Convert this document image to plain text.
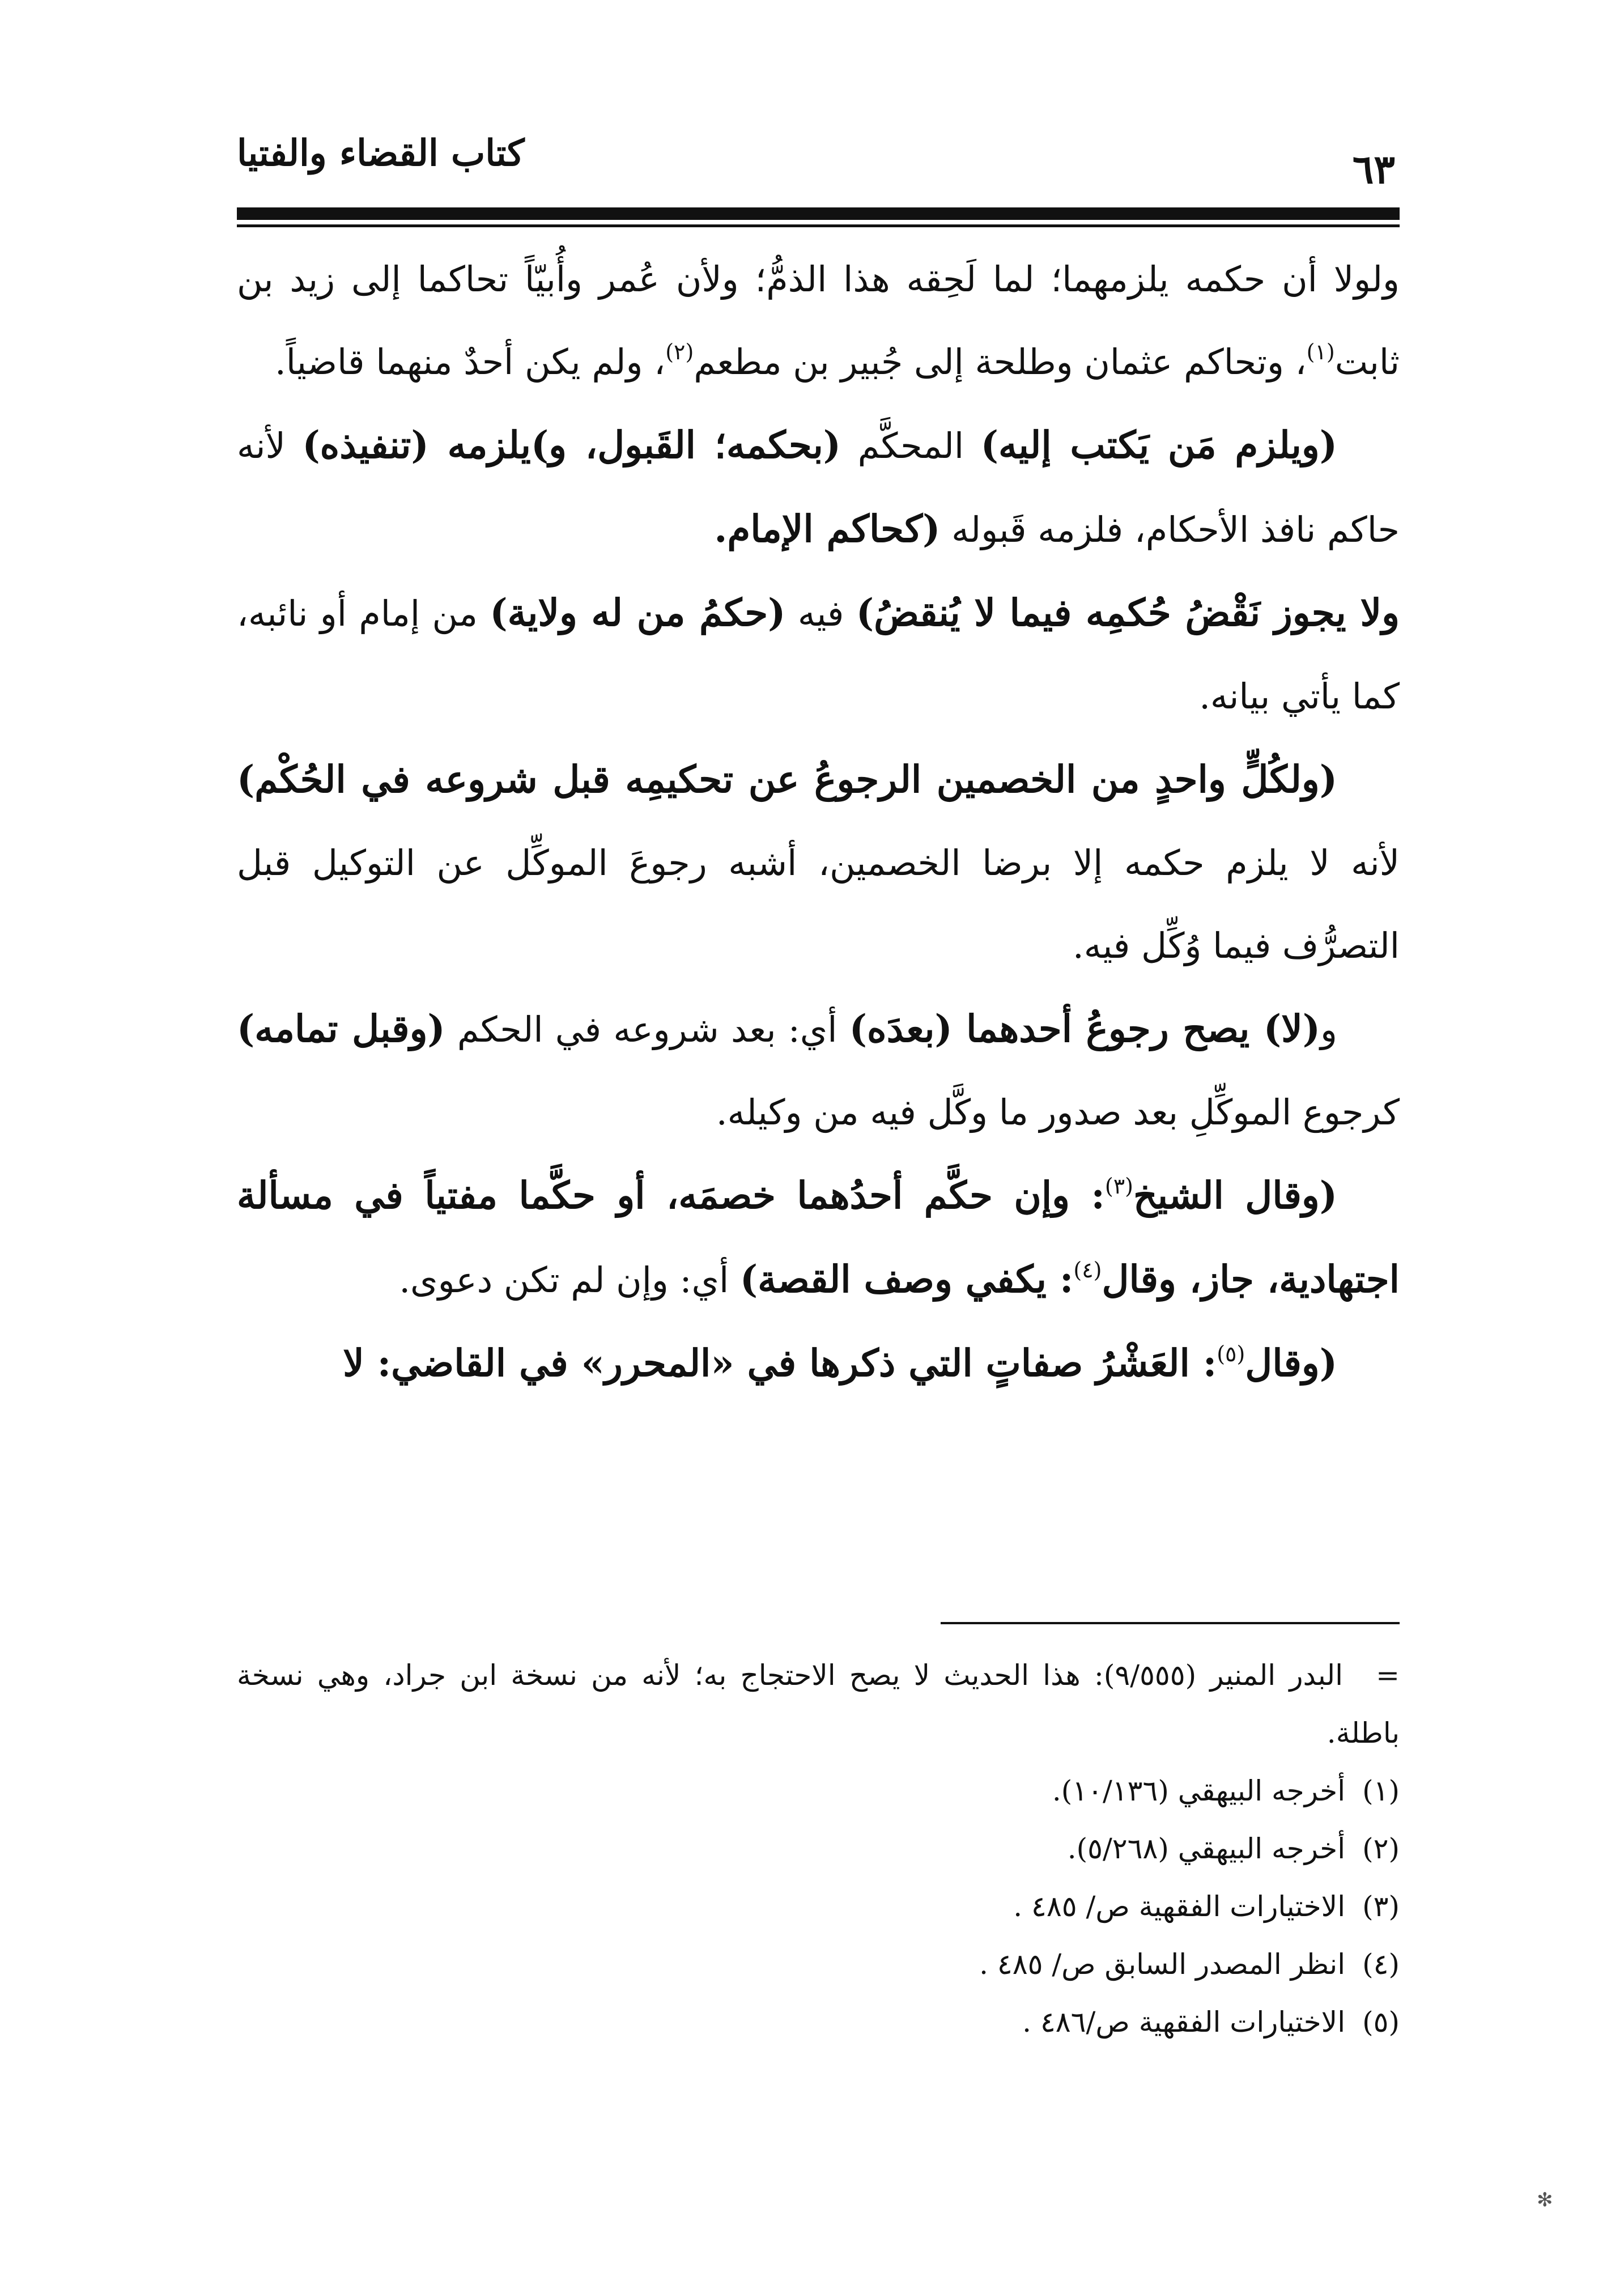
كتاب القضاء والفتيا	٦٣

ولولا أن حكمه يلزمهما؛ لما لَحِقه هذا الذمُّ؛ ولأن عُمر وأُبيّاً تحاكما إلى زيد بن ثابت$^{(١)}$، وتحاكم عثمان وطلحة إلى جُبير بن مطعم$^{(٢)}$، ولم يكن أحدٌ منهما قاضياً.

(ويلزم مَن يَكتب إليه) المحكَّم (بحكمه؛ القَبول، و)يلزمه (تنفيذه) لأنه حاكم نافذ الأحكام، فلزمه قَبوله (كحاكم الإمام.

ولا يجوز نَقْضُ حُكمِه فيما لا يُنقضُ) فيه (حكمُ من له ولاية) من إمام أو نائبه، كما يأتي بيانه.

(ولكُلٍّ واحدٍ من الخصمين الرجوعُ عن تحكيمِه قبل شروعه في الحُكْم) لأنه لا يلزم حكمه إلا برضا الخصمين، أشبه رجوعَ الموكِّل عن التوكيل قبل التصرُّف فيما وُكِّل فيه.

و(لا) يصح رجوعُ أحدهما (بعدَه) أي: بعد شروعه في الحكم (وقبل تمامه) كرجوع الموكِّلِ بعد صدور ما وكَّل فيه من وكيله.

(وقال الشيخ$^{(٣)}$: وإن حكَّم أحدُهما خصمَه، أو حكَّما مفتياً في مسألة اجتهادية، جاز، وقال$^{(٤)}$: يكفي وصف القصة) أي: وإن لم تكن دعوى.

(وقال$^{(٥)}$: العَشْرُ صفاتٍ التي ذكرها في «المحرر» في القاضي: لا

=البدر المنير (٩/٥٥٥): هذا الحديث لا يصح الاحتجاج به؛ لأنه من نسخة ابن جراد، وهي نسخة باطلة.

(١) أخرجه البيهقي (١٠/١٣٦).

(٢) أخرجه البيهقي (٥/٢٦٨).

(٣) الاختيارات الفقهية ص/ ٤٨٥ .

(٤) انظر المصدر السابق ص/ ٤٨٥ .

(٥) الاختيارات الفقهية ص/٤٨٦ .

✻
